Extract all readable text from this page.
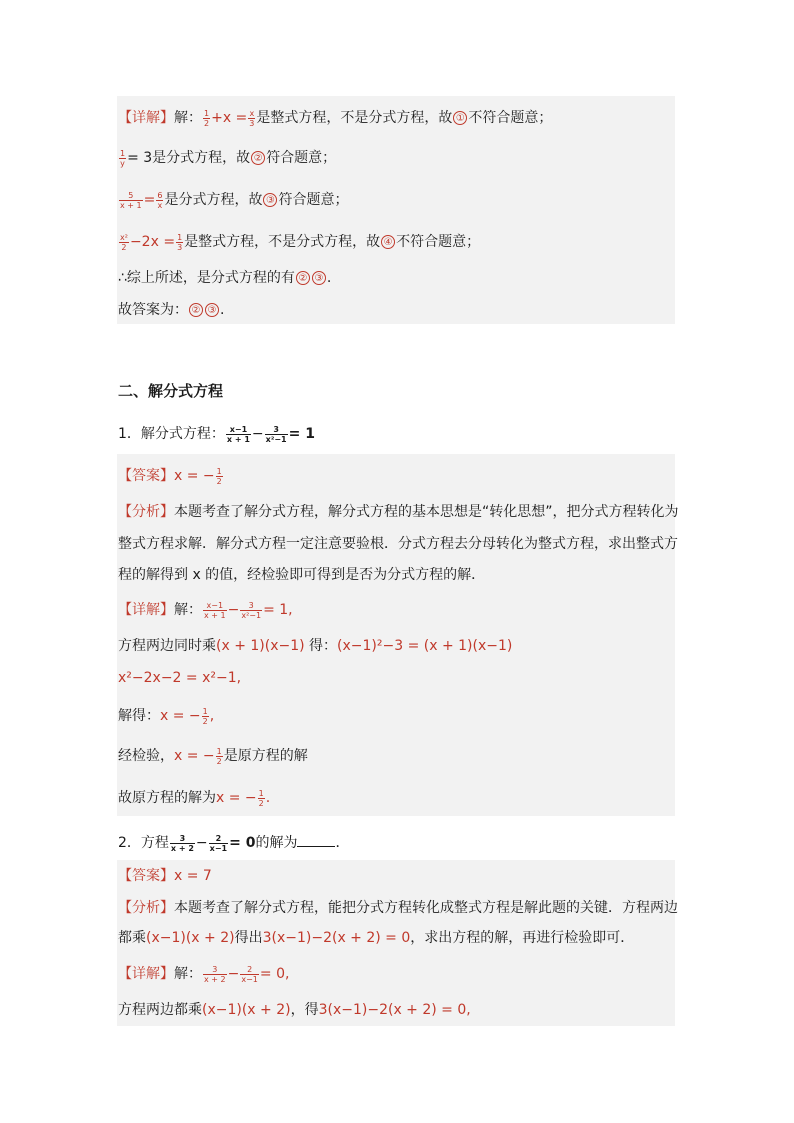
【详解】解： $\frac{1}{2} +x = \frac{x}{3}$ 是整式方程，不是分式方程，故 ① 不符合题意；
$\frac{1}{y} = 3$是分式方程，故 ② 符合题意；
$\frac{5}{x + 1} = \frac{6}{x}$ 是分式方程，故 ③ 符合题意；
$\frac{\text{x²}}{2} -2x = \frac{1}{3}$ 是整式方程，不是分式方程，故 ④ 不符合题意；
∴综上所述，是分式方程的有 ② ③ .
故答案为： ② ③ .
二、解分式方程
1．解分式方程： $\frac{x-1}{x + 1} - \frac{3}{\text{x²−1}} = 1$
【答案】x = − $\frac{1}{2}$
【分析】本题考查了解分式方程，解分式方程的基本思想是“转化思想”，把分式方程转化为
整式方程求解．解分式方程一定注意要验根．分式方程去分母转化为整式方程，求出整式方
程的解得到 x 的值，经检验即可得到是否为分式方程的解．
【详解】解： $\frac{x-1}{x + 1} - \frac{3}{\text{x²−1}} = 1$,
方程两边同时乘(x + 1)(x−1) 得：(x−1)²−3 = (x + 1)(x−1)
x²−2x−2 = x²−1,
解得：x = − $\frac{1}{2}$ ,
经检验，x = − $\frac{1}{2}$ 是原方程的解
故原方程的解为x = − $\frac{1}{2}$ .
2．方程 $\frac{3}{x + 2} - \frac{2}{x-1} = 0$的解为	．
【答案】x = 7
【分析】本题考查了解分式方程，能把分式方程转化成整式方程是解此题的关键．方程两边
都乘(x−1)(x + 2)得出3(x−1)−2(x + 2) = 0，求出方程的解，再进行检验即可．
【详解】解： $\frac{3}{x + 2} - \frac{2}{x-1} = 0$,
方程两边都乘(x−1)(x + 2)，得3(x−1)−2(x + 2) = 0,
